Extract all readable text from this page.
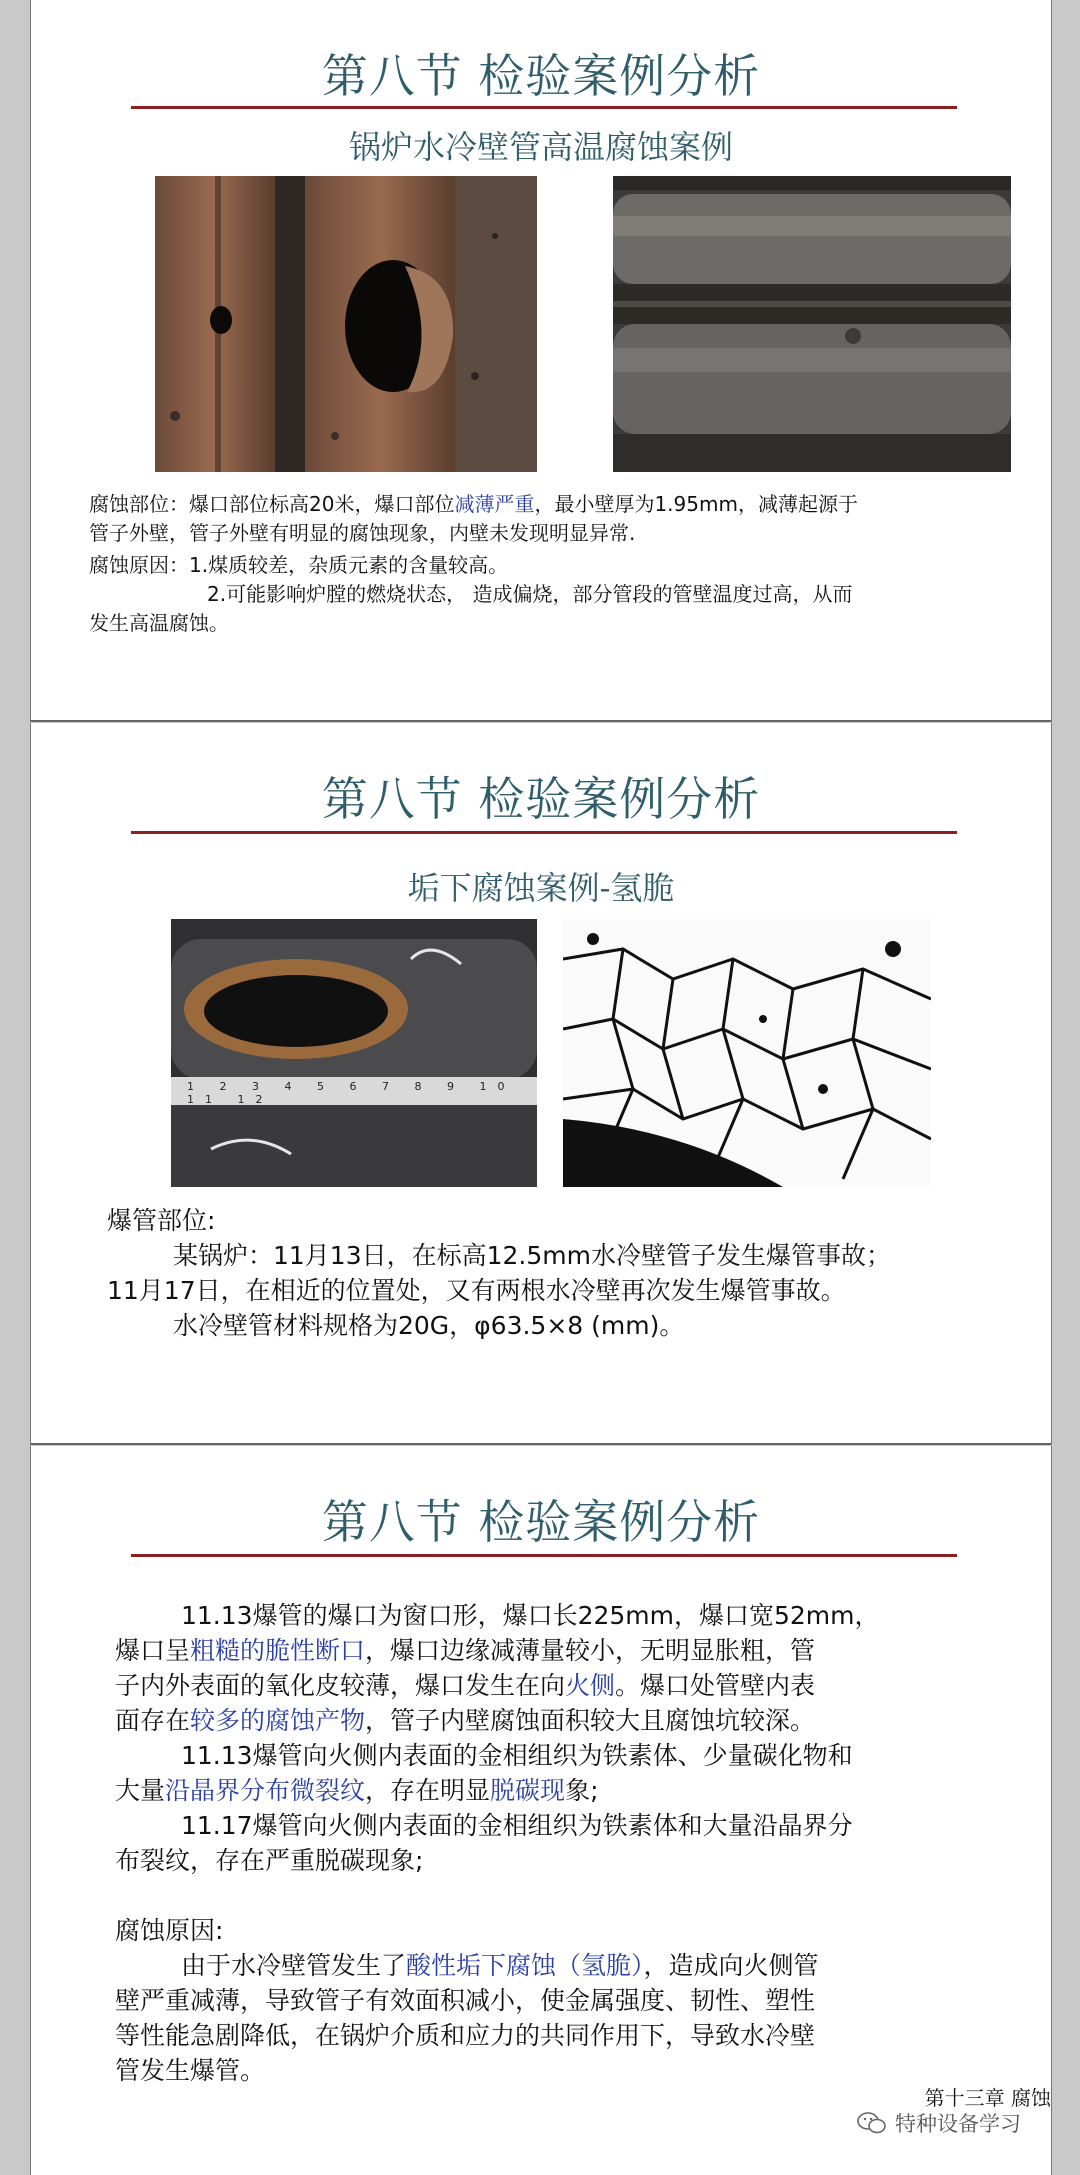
第八节 检验案例分析
锅炉水冷壁管高温腐蚀案例
腐蚀部位：爆口部位标高20米，爆口部位减薄严重，最小壁厚为1.95mm，减薄起源于
管子外壁，管子外壁有明显的腐蚀现象，内壁未发现明显异常.
腐蚀原因：1.煤质较差，杂质元素的含量较高。
2.可能影响炉膛的燃烧状态， 造成偏烧，部分管段的管壁温度过高，从而
发生高温腐蚀。
第八节 检验案例分析
垢下腐蚀案例-氢脆
1 2 3 4 5 6 7 8 9 10 11 12
爆管部位:
某锅炉：11月13日，在标高12.5mm水冷壁管子发生爆管事故；
11月17日，在相近的位置处，又有两根水冷壁再次发生爆管事故。
水冷壁管材料规格为20G，φ63.5×8 (mm)。
第八节 检验案例分析
11.13爆管的爆口为窗口形，爆口长225mm，爆口宽52mm，
爆口呈粗糙的脆性断口，爆口边缘减薄量较小，无明显胀粗，管
子内外表面的氧化皮较薄，爆口发生在向火侧。爆口处管壁内表
面存在较多的腐蚀产物，管子内壁腐蚀面积较大且腐蚀坑较深。
11.13爆管向火侧内表面的金相组织为铁素体、少量碳化物和
大量沿晶界分布微裂纹，存在明显脱碳现象;
11.17爆管向火侧内表面的金相组织为铁素体和大量沿晶界分
布裂纹，存在严重脱碳现象;
腐蚀原因:
由于水冷壁管发生了酸性垢下腐蚀（氢脆），造成向火侧管
壁严重减薄，导致管子有效面积减小，使金属强度、韧性、塑性
等性能急剧降低，在锅炉介质和应力的共同作用下，导致水冷壁
管发生爆管。
第十三章 腐蚀
特种设备学习
